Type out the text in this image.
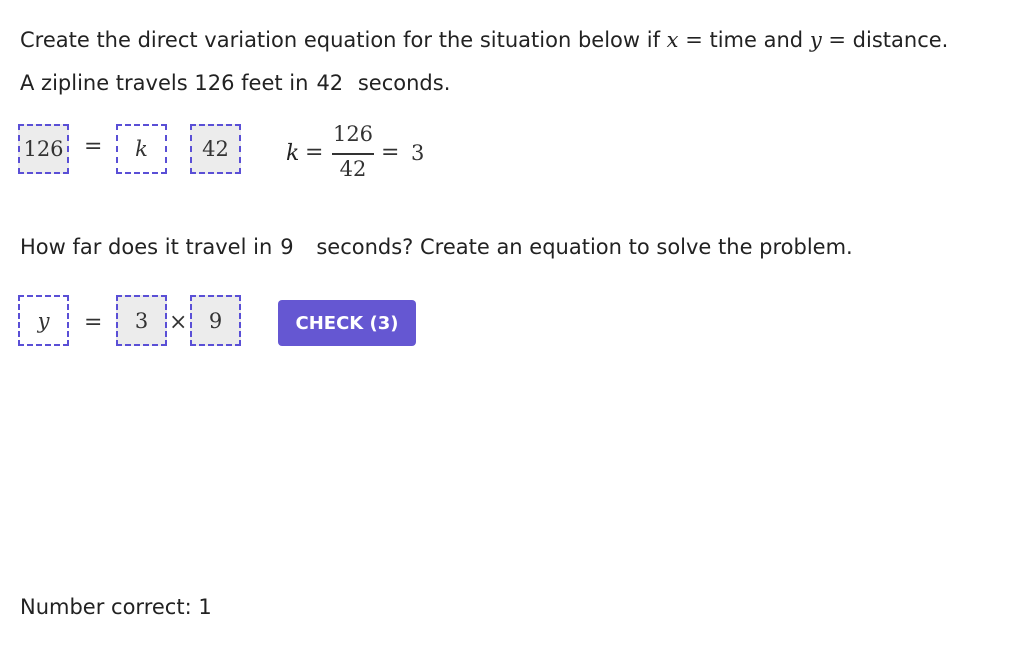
Create the direct variation equation for the situation below if x = time and y = distance.
A zipline travels 126 feet in 42 seconds.
126 = k	42	k =
126
42
= 3
How far does it travel in 9 seconds? Create an equation to solve the problem.
y = 3 × 9	CHECK (3)
Number correct: 1
